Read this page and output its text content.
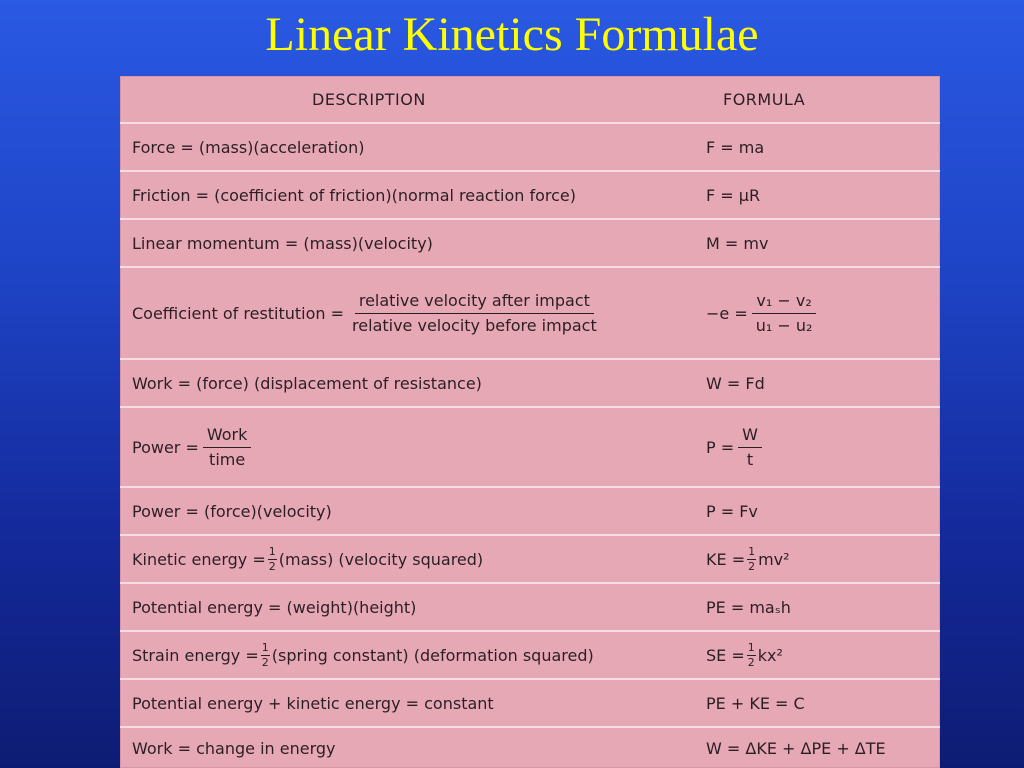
Linear Kinetics Formulae
DESCRIPTION	FORMULA
Force = (mass)(acceleration)	F = ma
Friction = (coefficient of friction)(normal reaction force)	F = μR
Linear momentum = (mass)(velocity)	M = mv
Coefficient of restitution = $\frac{\text{relative velocity after impact}}{\text{relative velocity before impact}}$	$-e = \frac{\text{v₁ − v₂}}{\text{u₁ − u₂}}$
Work = (force) (displacement of resistance)	W = Fd
Power = $\frac{\text{Work}}{\text{time}}$	$P = \frac{W}{t}$
Power = (force)(velocity)	P = Fv
Kinetic energy = $\frac{1}{2}$ (mass) (velocity squared)	KE = $\frac{1}{2} mv^2$
Potential energy = (weight)(height)	PE = maₛh
Strain energy = $\frac{1}{2}$ (spring constant) (deformation squared)	SE = $\frac{1}{2} kx^2$
Potential energy + kinetic energy = constant	PE + KE = C
Work = change in energy	W = ΔKE + ΔPE + ΔTE
